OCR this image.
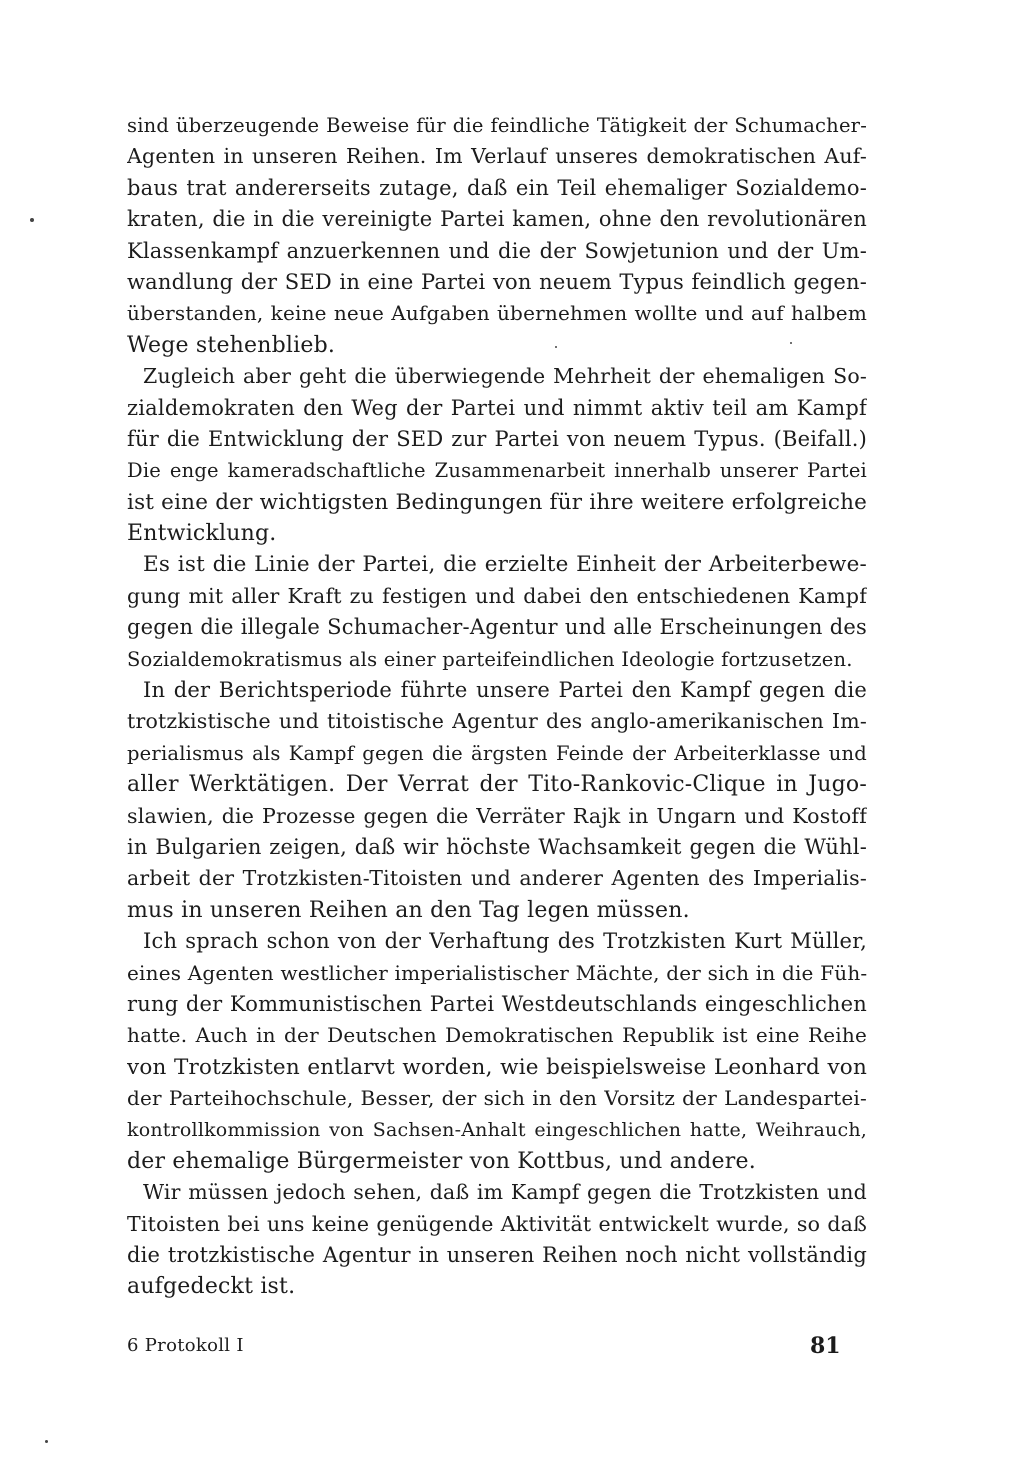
sind überzeugende Beweise für die feindliche Tätigkeit der Schumacher-
Agenten in unseren Reihen. Im Verlauf unseres demokratischen Auf-
baus trat andererseits zutage, daß ein Teil ehemaliger Sozialdemo-
kraten, die in die vereinigte Partei kamen, ohne den revolutionären
Klassenkampf anzuerkennen und die der Sowjetunion und der Um-
wandlung der SED in eine Partei von neuem Typus feindlich gegen-
überstanden, keine neue Aufgaben übernehmen wollte und auf halbem
Wege stehenblieb.
Zugleich aber geht die überwiegende Mehrheit der ehemaligen So-
zialdemokraten den Weg der Partei und nimmt aktiv teil am Kampf
für die Entwicklung der SED zur Partei von neuem Typus. (Beifall.)
Die enge kameradschaftliche Zusammenarbeit innerhalb unserer Partei
ist eine der wichtigsten Bedingungen für ihre weitere erfolgreiche
Entwicklung.
Es ist die Linie der Partei, die erzielte Einheit der Arbeiterbewe-
gung mit aller Kraft zu festigen und dabei den entschiedenen Kampf
gegen die illegale Schumacher-Agentur und alle Erscheinungen des
Sozialdemokratismus als einer parteifeindlichen Ideologie fortzusetzen.
In der Berichtsperiode führte unsere Partei den Kampf gegen die
trotzkistische und titoistische Agentur des anglo-amerikanischen Im-
perialismus als Kampf gegen die ärgsten Feinde der Arbeiterklasse und
aller Werktätigen. Der Verrat der Tito-Rankovic-Clique in Jugo-
slawien, die Prozesse gegen die Verräter Rajk in Ungarn und Kostoff
in Bulgarien zeigen, daß wir höchste Wachsamkeit gegen die Wühl-
arbeit der Trotzkisten-Titoisten und anderer Agenten des Imperialis-
mus in unseren Reihen an den Tag legen müssen.
Ich sprach schon von der Verhaftung des Trotzkisten Kurt Müller,
eines Agenten westlicher imperialistischer Mächte, der sich in die Füh-
rung der Kommunistischen Partei Westdeutschlands eingeschlichen
hatte. Auch in der Deutschen Demokratischen Republik ist eine Reihe
von Trotzkisten entlarvt worden, wie beispielsweise Leonhard von
der Parteihochschule, Besser, der sich in den Vorsitz der Landespartei-
kontrollkommission von Sachsen-Anhalt eingeschlichen hatte, Weihrauch,
der ehemalige Bürgermeister von Kottbus, und andere.
Wir müssen jedoch sehen, daß im Kampf gegen die Trotzkisten und
Titoisten bei uns keine genügende Aktivität entwickelt wurde, so daß
die trotzkistische Agentur in unseren Reihen noch nicht vollständig
aufgedeckt ist.
6 Protokoll I	81
